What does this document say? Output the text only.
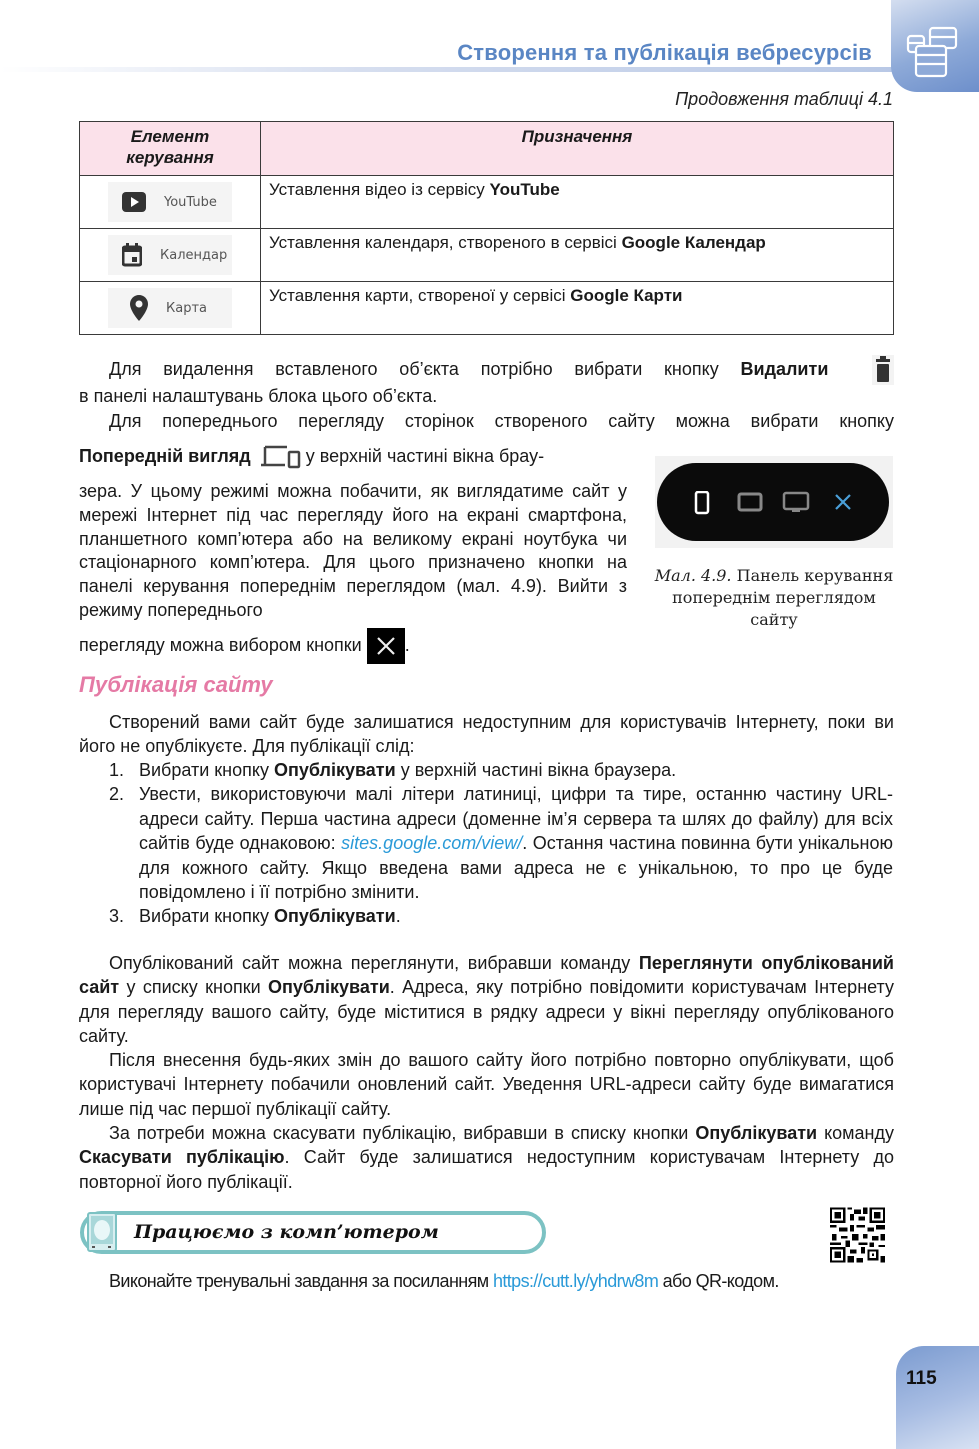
Створення та публікація вебресурсів
Продовження таблиці 4.1
Елемент керування	Призначення

YouTube	Уставлення відео із сервісу YouTube

Календар	Уставлення календаря, створеного в сервісі Google Календар

Карта	Уставлення карти, створеної у сервісі Google Карти
Для видалення вставленого об’єкта потрібно вибрати кнопку Видалити
в панелі налаштувань блока цього об’єкта.
Для попереднього перегляду сторінок створеного сайту можна вибрати кнопку
Попередній вигляд	у верхній частині вікна брау-
зера. У цьому режимі можна побачити, як виглядатиме сайт у мережі Інтернет під час перегляду його на екрані смартфона, планшетного комп’ютера або на великому екрані ноутбука чи стаціонарного комп’ютера. Для цього призначено кнопки на панелі керування попереднім переглядом (мал. 4.9). Вийти з режиму попереднього
перегляду можна вибором кнопки
.
Мал. 4.9. Панель керування попереднім переглядом сайту
Публікація сайту
Створений вами сайт буде залишатися недоступним для користувачів Інтернету, поки ви його не опублікуєте. Для публікації слід:
1. Вибрати кнопку Опублікувати у верхній частині вікна браузера.
2. Увести, використовуючи малі літери латиниці, цифри та тире, останню частину URL-адреси сайту. Перша частина адреси (доменне ім’я сервера та шлях до файлу) для всіх сайтів буде однаковою: sites.google.com/view/. Остання частина повинна бути унікальною для кожного сайту. Якщо введена вами адреса не є унікальною, то про це буде повідомлено і її потрібно змінити.
3. Вибрати кнопку Опублікувати.
Опублікований сайт можна переглянути, вибравши команду Переглянути опублікований сайт у списку кнопки Опублікувати. Адреса, яку потрібно повідомити користувачам Інтернету для перегляду вашого сайту, буде міститися в рядку адреси у вікні перегляду опублікованого сайту.
Після внесення будь-яких змін до вашого сайту його потрібно повторно опублікувати, щоб користувачі Інтернету побачили оновлений сайт. Уведення URL-адреси сайту буде вимагатися лише під час першої публікації сайту.
За потреби можна скасувати публікацію, вибравши в списку кнопки Опублікувати команду Скасувати публікацію. Сайт буде залишатися недоступним користувачам Інтернету до повторної його публікації.
Працюємо з комп’ютером
Виконайте тренувальні завдання за посиланням https://cutt.ly/yhdrw8m або QR-кодом.
115
